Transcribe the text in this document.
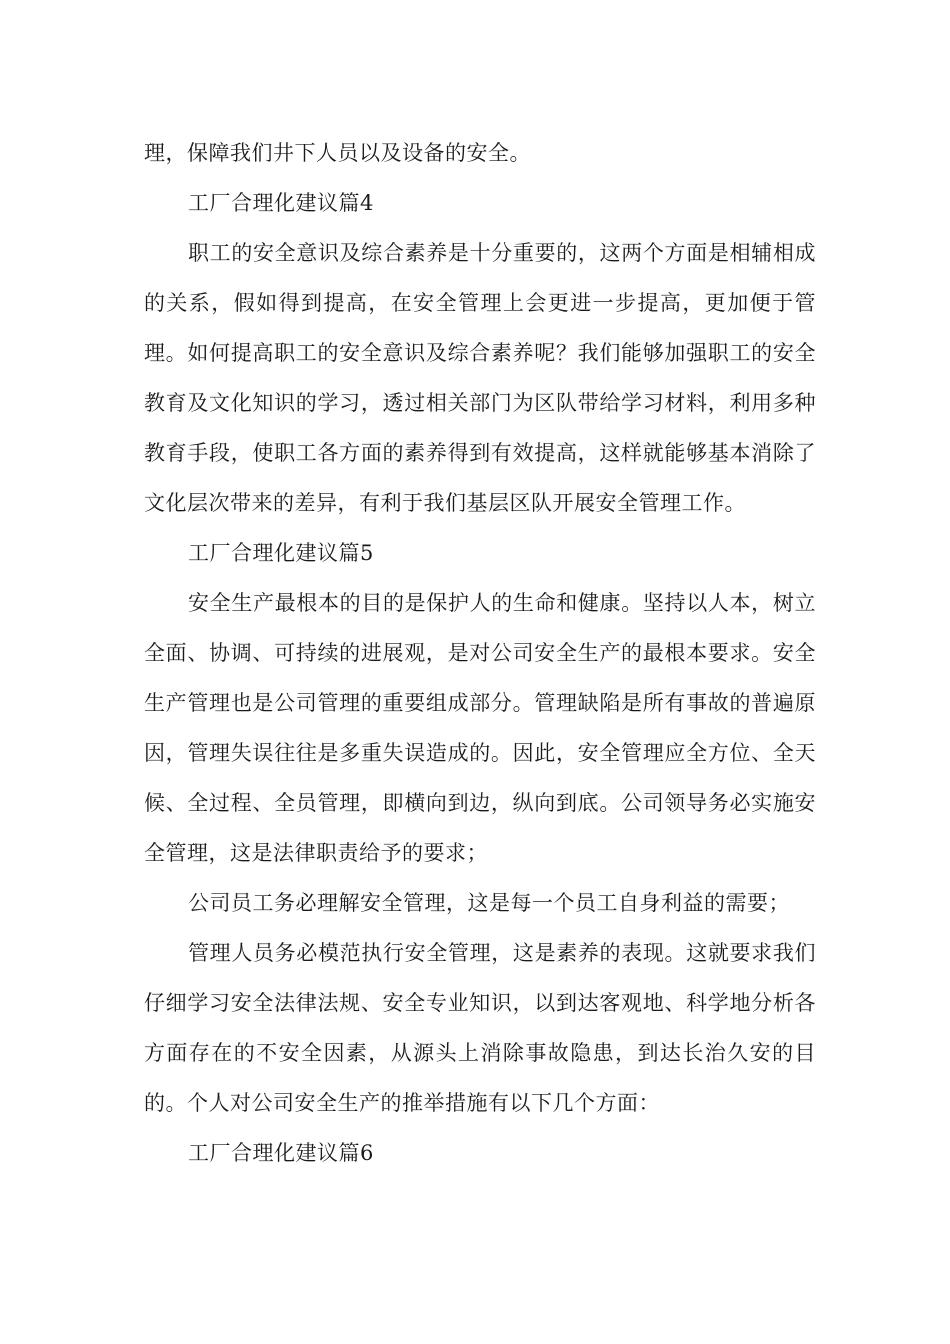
理，保障我们井下人员以及设备的安全。

工厂合理化建议篇4

职工的安全意识及综合素养是十分重要的，这两个方面是相辅相成的关系，假如得到提高，在安全管理上会更进一步提高，更加便于管理。如何提高职工的安全意识及综合素养呢？我们能够加强职工的安全教育及文化知识的学习，透过相关部门为区队带给学习材料，利用多种教育手段，使职工各方面的素养得到有效提高，这样就能够基本消除了文化层次带来的差异，有利于我们基层区队开展安全管理工作。

工厂合理化建议篇5

安全生产最根本的目的是保护人的生命和健康。坚持以人本，树立全面、协调、可持续的进展观，是对公司安全生产的最根本要求。安全生产管理也是公司管理的重要组成部分。管理缺陷是所有事故的普遍原因，管理失误往往是多重失误造成的。因此，安全管理应全方位、全天候、全过程、全员管理，即横向到边，纵向到底。公司领导务必实施安全管理，这是法律职责给予的要求；

公司员工务必理解安全管理，这是每一个员工自身利益的需要；

管理人员务必模范执行安全管理，这是素养的表现。这就要求我们仔细学习安全法律法规、安全专业知识，以到达客观地、科学地分析各方面存在的不安全因素，从源头上消除事故隐患，到达长治久安的目的。个人对公司安全生产的推举措施有以下几个方面：

工厂合理化建议篇6
